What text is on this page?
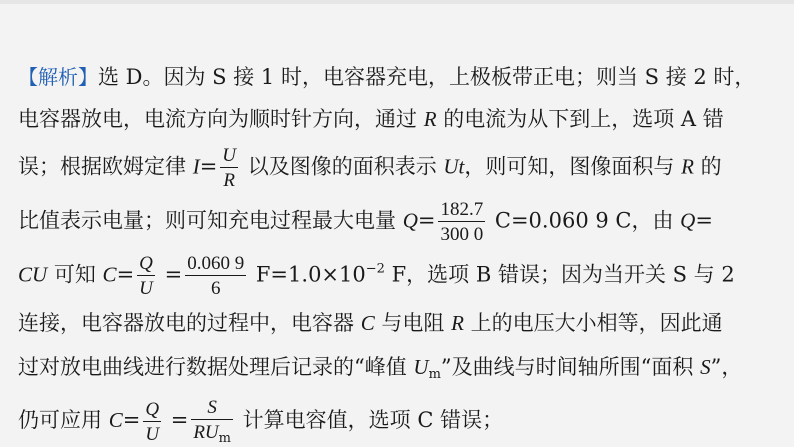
【解析】选 D。因为 S 接 1 时，电容器充电，上极板带正电；则当 S 接 2 时，
电容器放电，电流方向为顺时针方向，通过 R 的电流为从下到上，选项 A 错
误；根据欧姆定律 $I= \frac{U}{R}$ 以及图像的面积表示 Ut，则可知，图像面积与 R 的
比值表示电量；则可知充电过程最大电量 $Q= \frac{182.7}{300 0} C=0.060$ 9 C，由 Q=
CU 可知 $C= \frac{Q}{U} = \frac{0.060 9}{6} F=1.0\times 10^{-2}$ F，选项 B 错误；因为当开关 S 与 2
连接，电容器放电的过程中，电容器 C 与电阻 R 上的电压大小相等，因此通
过对放电曲线进行数据处理后记录的“峰值 $U_m$”及曲线与时间轴所围“面积 S”，
仍可应用 $C= \frac{Q}{U} = \frac{S}{RU_m}$ 计算电容值，选项 C 错误；
